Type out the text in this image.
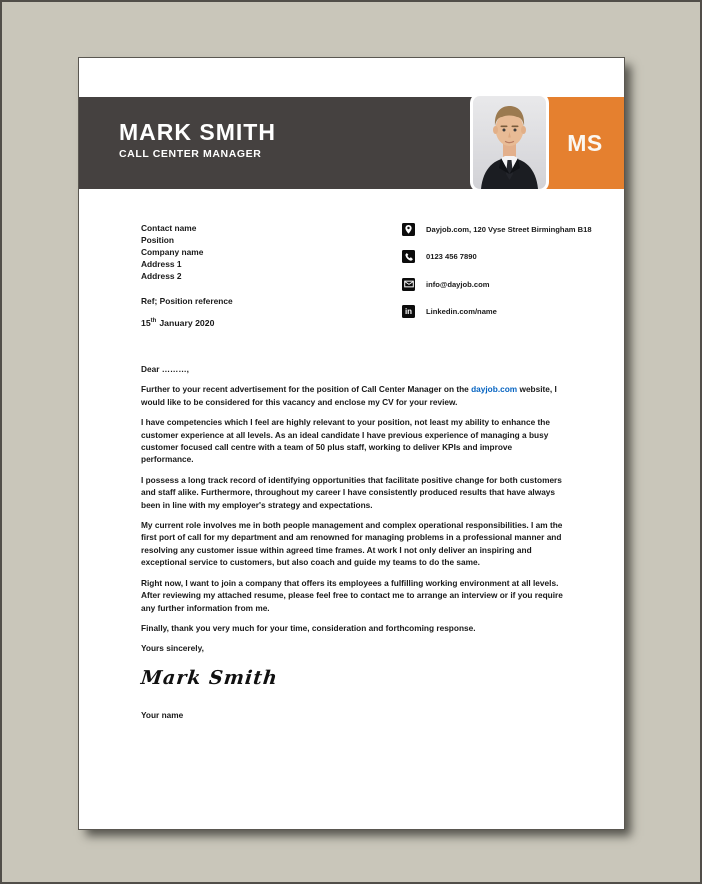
MARK SMITH
CALL CENTER MANAGER	MS
Contact name
Position
Company name
Address 1
Address 2
Ref; Position reference
15th January 2020
Dayjob.com, 120 Vyse Street Birmingham B18
0123 456 7890
info@dayjob.com
in Linkedin.com/name

Dear ………,

Further to your recent advertisement for the position of Call Center Manager on the dayjob.com website, I would like to be considered for this vacancy and enclose my CV for your review.

I have competencies which I feel are highly relevant to your position, not least my ability to enhance the customer experience at all levels. As an ideal candidate I have previous experience of managing a busy customer focused call centre with a team of 50 plus staff, working to deliver KPIs and improve performance.

I possess a long track record of identifying opportunities that facilitate positive change for both customers and staff alike. Furthermore, throughout my career I have consistently produced results that have always been in line with my employer's strategy and expectations.

My current role involves me in both people management and complex operational responsibilities. I am the first port of call for my department and am renowned for managing problems in a professional manner and resolving any customer issue within agreed time frames. At work I not only deliver an inspiring and exceptional service to customers, but also coach and guide my teams to do the same.

Right now, I want to join a company that offers its employees a fulfilling working environment at all levels. After reviewing my attached resume, please feel free to contact me to arrange an interview or if you require any further information from me.

Finally, thank you very much for your time, consideration and forthcoming response.

Yours sincerely,

Mark Smith

Your name
